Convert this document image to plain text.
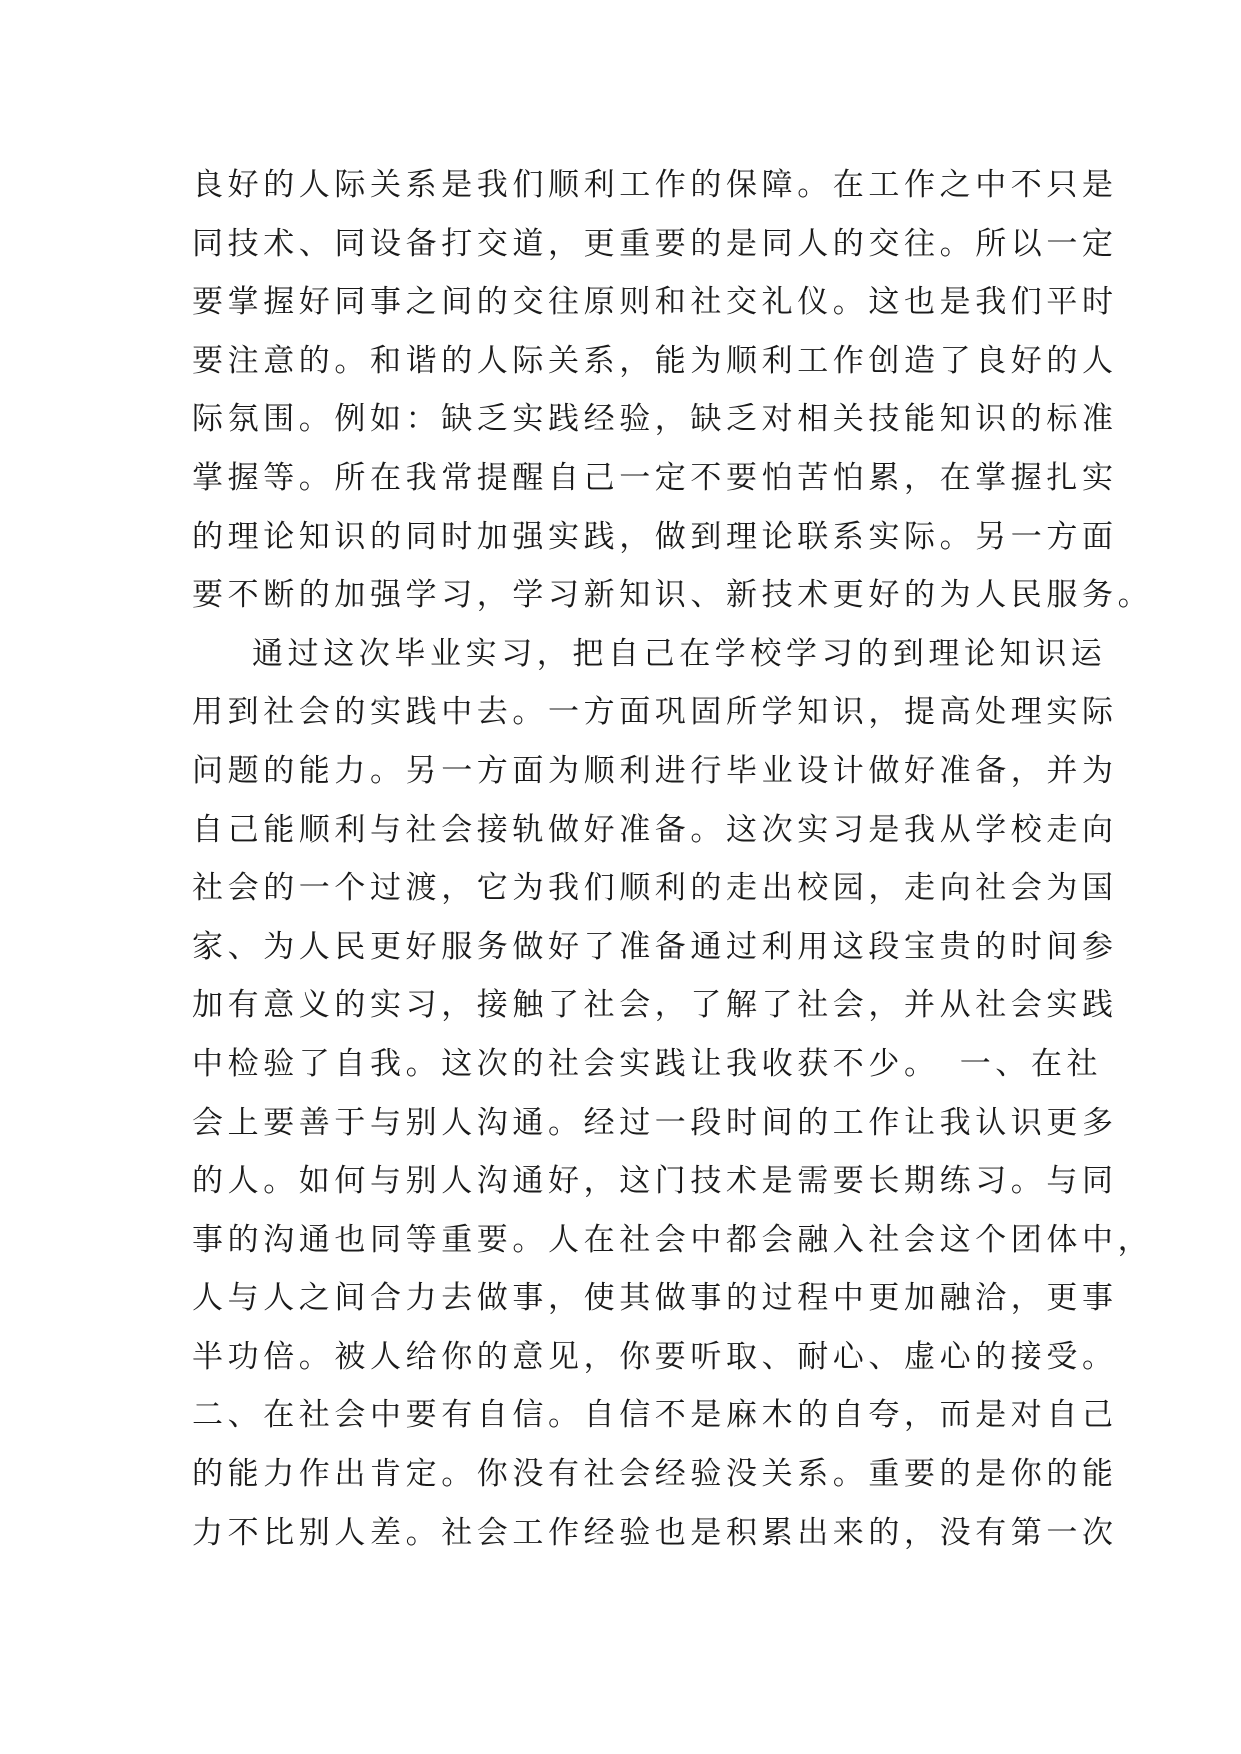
良好的人际关系是我们顺利工作的保障。在工作之中不只是
同技术、同设备打交道，更重要的是同人的交往。所以一定
要掌握好同事之间的交往原则和社交礼仪。这也是我们平时
要注意的。和谐的人际关系，能为顺利工作创造了良好的人
际氛围。例如：缺乏实践经验，缺乏对相关技能知识的标准
掌握等。所在我常提醒自己一定不要怕苦怕累，在掌握扎实
的理论知识的同时加强实践，做到理论联系实际。另一方面
要不断的加强学习，学习新知识、新技术更好的为人民服务。
通过这次毕业实习，把自己在学校学习的到理论知识运
用到社会的实践中去。一方面巩固所学知识，提高处理实际
问题的能力。另一方面为顺利进行毕业设计做好准备，并为
自己能顺利与社会接轨做好准备。这次实习是我从学校走向
社会的一个过渡，它为我们顺利的走出校园，走向社会为国
家、为人民更好服务做好了准备通过利用这段宝贵的时间参
加有意义的实习，接触了社会，了解了社会，并从社会实践
中检验了自我。这次的社会实践让我收获不少。　一、在社
会上要善于与别人沟通。经过一段时间的工作让我认识更多
的人。如何与别人沟通好，这门技术是需要长期练习。与同
事的沟通也同等重要。人在社会中都会融入社会这个团体中，
人与人之间合力去做事，使其做事的过程中更加融洽，更事
半功倍。被人给你的意见，你要听取、耐心、虚心的接受。
二、在社会中要有自信。自信不是麻木的自夸，而是对自己
的能力作出肯定。你没有社会经验没关系。重要的是你的能
力不比别人差。社会工作经验也是积累出来的，没有第一次
